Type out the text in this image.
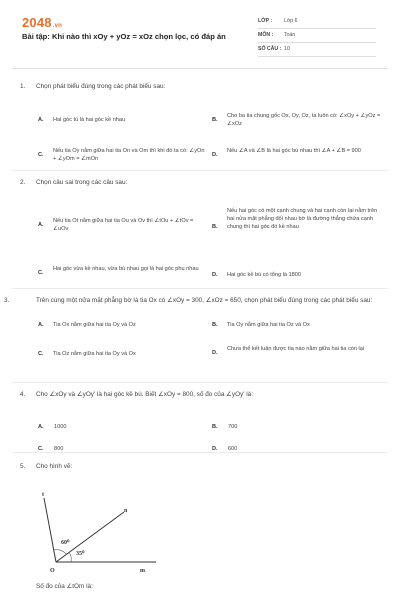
2048.vn
Bài tập: Khi nào thì xOy + yOz = xOz chọn lọc, có đáp án
LỚP : Lớp 6
MÔN : Toán
SỐ CÂU : 10
1. Chọn phát biểu đúng trong các phát biểu sau:
A.	Hai góc tù là hai góc kề nhau	B.
Cho ba tia chung gốc Ox, Oy, Oz, ta luôn có: ∠xOy + ∠yOz = ∠xOz
C.
Nếu tia Oy nằm giữa hai tia On và Om thì khi đó ta có: ∠yOn + ∠yOm = ∠mOn
D.
Nếu ∠A và ∠B là hai góc bù nhau thì ∠A + ∠B = 900
2. Chọn câu sai trong các câu sau:
A.
Nếu tia Ot nằm giữa hai tia Ou và Ov thì ∠tOu + ∠tOv = ∠uOv	B.
Nếu hai góc có một cạnh chung và hai cạnh còn lại nằm trên hai nửa mặt phẳng đối nhau bờ là đường thẳng chứa cạnh chung thì hai góc đó kề nhau
C.
Hai góc vừa kề nhau, vừa bù nhau gọi là hai góc phụ nhau
D.	Hai góc kề bù có tổng là 1800
3.	Trên cùng một nửa mặt phẳng bờ là tia Ox có ∠xOy = 300, ∠xOz = 650, chọn phát biểu đúng trong các phát biểu sau:
A.	Tia Ox nằm giữa hai tia Oy và Oz	B.	Tia Oy nằm giữa hai tia Oz và Ox
C.	Tia Oz nằm giữa hai tia Oy và Ox	D.
Chưa thể kết luận được tia nào nằm giữa hai tia còn lại
4. Cho ∠xOy và ∠yOy' là hai góc kề bù. Biết ∠xOy = 800, số đo của ∠yOy' là:
A.	1000	B.	700
C.	800	D.	600
5. Cho hình vẽ:
t
n
O	m
60⁰
35⁰
Số đo của ∠tOm là:
